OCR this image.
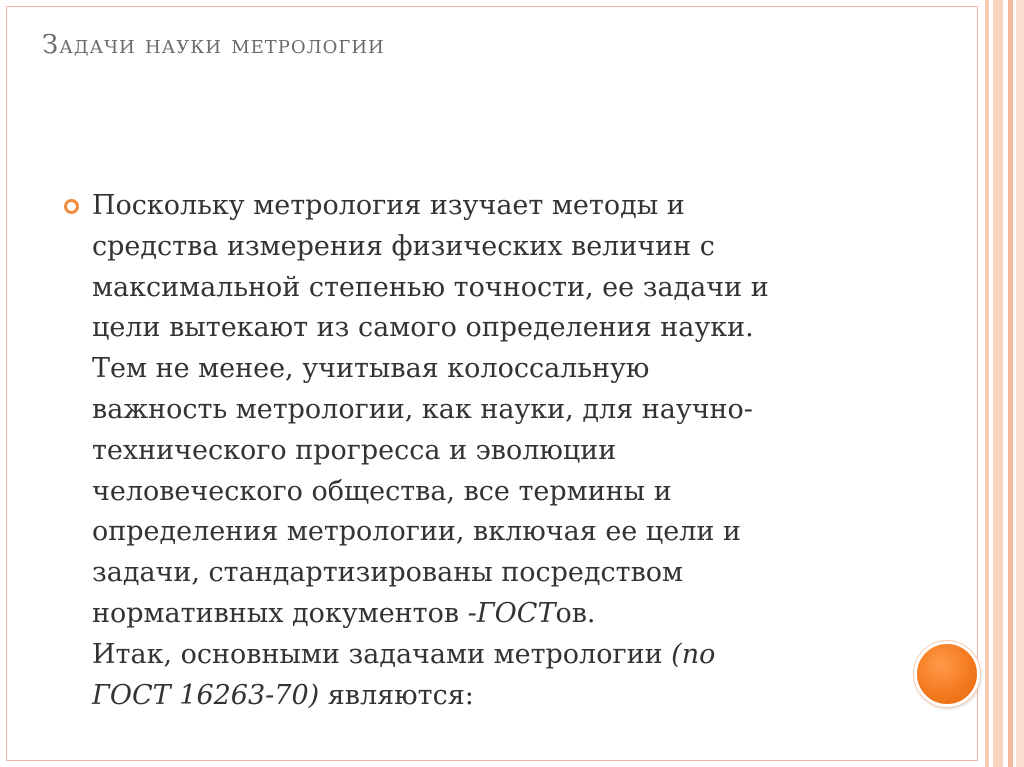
Задачи науки метрологии
Поскольку метрология изучает методы и
средства измерения физических величин с
максимальной степенью точности, ее задачи и
цели вытекают из самого определения науки.
Тем не менее, учитывая колоссальную
важность метрологии, как науки, для научно-
технического прогресса и эволюции
человеческого общества, все термины и
определения метрологии, включая ее цели и
задачи, стандартизированы посредством
нормативных документов -ГОСТов.
Итак, основными задачами метрологии (по
ГОСТ 16263-70) являются:
